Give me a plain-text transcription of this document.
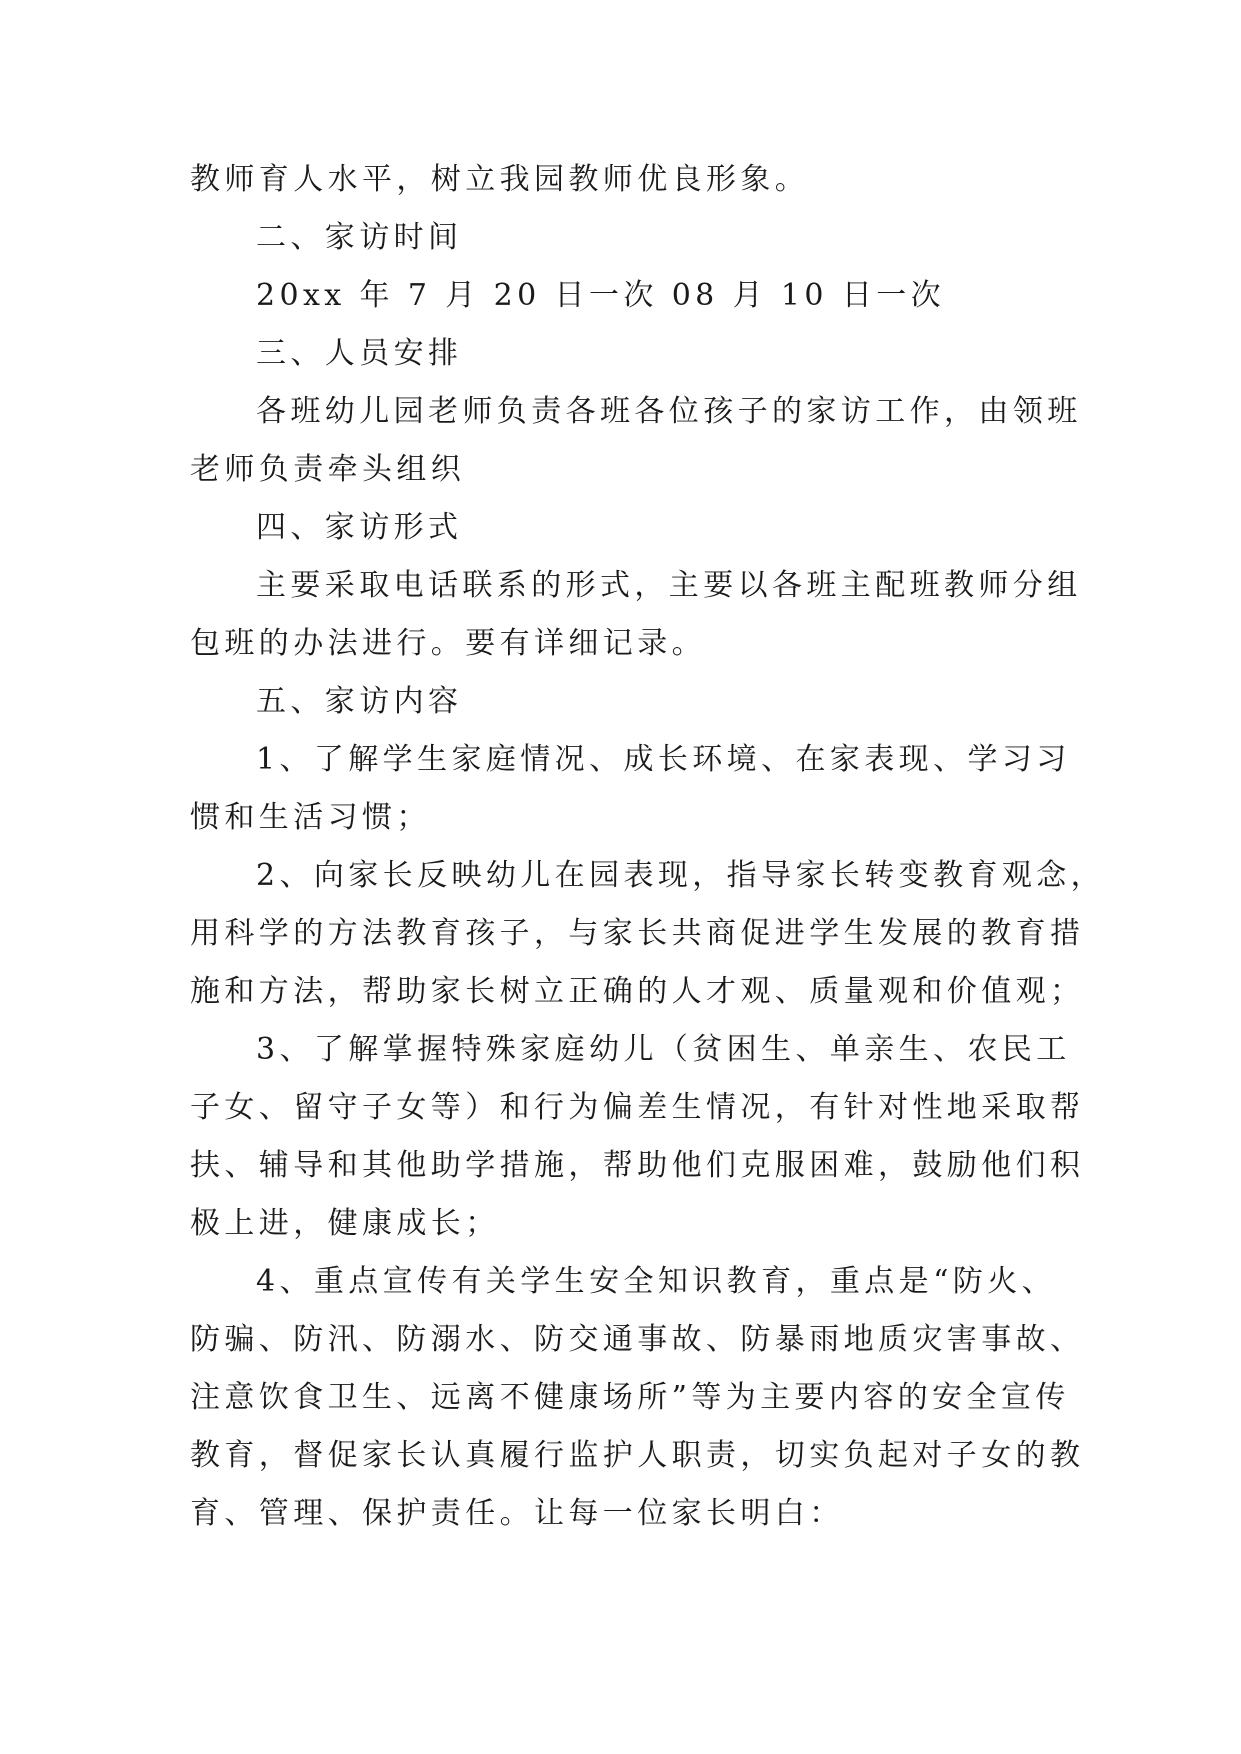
教师育人水平，树立我园教师优良形象。
二、家访时间
20xx 年 7 月 20 日一次 08 月 10 日一次
三、人员安排
各班幼儿园老师负责各班各位孩子的家访工作，由领班
老师负责牵头组织
四、家访形式
主要采取电话联系的形式，主要以各班主配班教师分组
包班的办法进行。要有详细记录。
五、家访内容
1、了解学生家庭情况、成长环境、在家表现、学习习
惯和生活习惯；
2、向家长反映幼儿在园表现，指导家长转变教育观念，
用科学的方法教育孩子，与家长共商促进学生发展的教育措
施和方法，帮助家长树立正确的人才观、质量观和价值观；
3、了解掌握特殊家庭幼儿（贫困生、单亲生、农民工
子女、留守子女等）和行为偏差生情况，有针对性地采取帮
扶、辅导和其他助学措施，帮助他们克服困难，鼓励他们积
极上进，健康成长；
4、重点宣传有关学生安全知识教育，重点是“防火、
防骗、防汛、防溺水、防交通事故、防暴雨地质灾害事故、
注意饮食卫生、远离不健康场所”等为主要内容的安全宣传
教育，督促家长认真履行监护人职责，切实负起对子女的教
育、管理、保护责任。让每一位家长明白：
